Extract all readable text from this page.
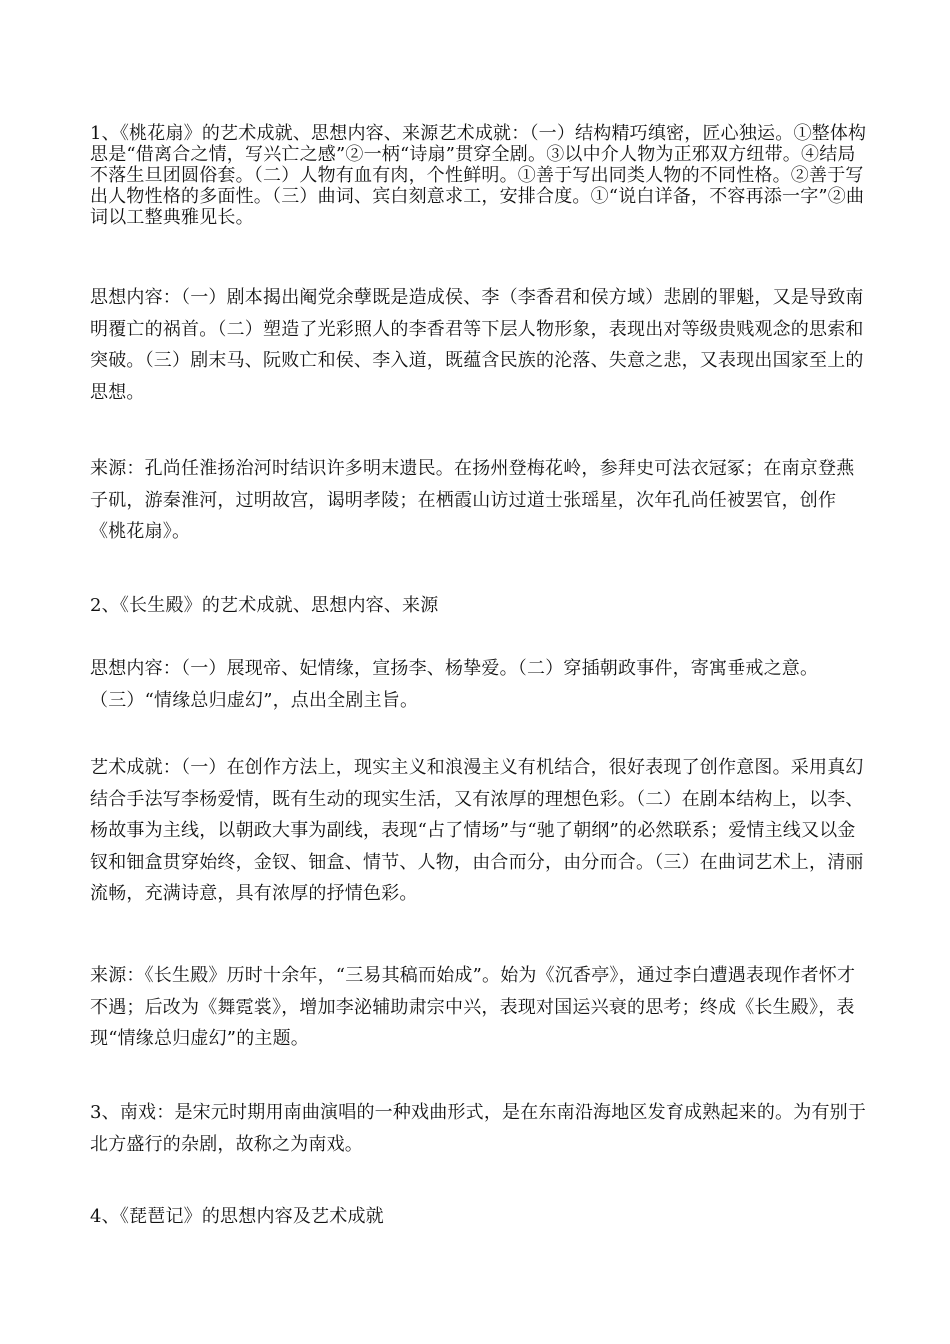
1、《桃花扇》的艺术成就、思想内容、来源艺术成就：（一）结构精巧缜密，匠心独运。①整体构思是“借离合之情，写兴亡之感”②一柄“诗扇”贯穿全剧。③以中介人物为正邪双方纽带。④结局不落生旦团圆俗套。（二）人物有血有肉，个性鲜明。①善于写出同类人物的不同性格。②善于写出人物性格的多面性。（三）曲词、宾白刻意求工，安排合度。①“说白详备，不容再添一字”②曲词以工整典雅见长。

思想内容：（一）剧本揭出阉党余孽既是造成侯、李（李香君和侯方域）悲剧的罪魁，又是导致南明覆亡的祸首。（二）塑造了光彩照人的李香君等下层人物形象，表现出对等级贵贱观念的思索和突破。（三）剧末马、阮败亡和侯、李入道，既蕴含民族的沦落、失意之悲，又表现出国家至上的思想。

来源：孔尚任淮扬治河时结识许多明末遗民。在扬州登梅花岭，参拜史可法衣冠冢；在南京登燕子矶，游秦淮河，过明故宫，谒明孝陵；在栖霞山访过道士张瑶星，次年孔尚任被罢官，创作《桃花扇》。

2、《长生殿》的艺术成就、思想内容、来源

思想内容：（一）展现帝、妃情缘，宣扬李、杨挚爱。（二）穿插朝政事件，寄寓垂戒之意。（三）“情缘总归虚幻”，点出全剧主旨。

艺术成就：（一）在创作方法上，现实主义和浪漫主义有机结合，很好表现了创作意图。采用真幻结合手法写李杨爱情，既有生动的现实生活，又有浓厚的理想色彩。（二）在剧本结构上，以李、杨故事为主线，以朝政大事为副线，表现“占了情场”与“驰了朝纲”的必然联系；爱情主线又以金钗和钿盒贯穿始终，金钗、钿盒、情节、人物，由合而分，由分而合。（三）在曲词艺术上，清丽流畅，充满诗意，具有浓厚的抒情色彩。

来源：《长生殿》历时十余年，“三易其稿而始成”。始为《沉香亭》，通过李白遭遇表现作者怀才不遇；后改为《舞霓裳》，增加李泌辅助肃宗中兴，表现对国运兴衰的思考；终成《长生殿》，表现“情缘总归虚幻”的主题。

3、南戏：是宋元时期用南曲演唱的一种戏曲形式，是在东南沿海地区发育成熟起来的。为有别于北方盛行的杂剧，故称之为南戏。

4、《琵琶记》的思想内容及艺术成就
